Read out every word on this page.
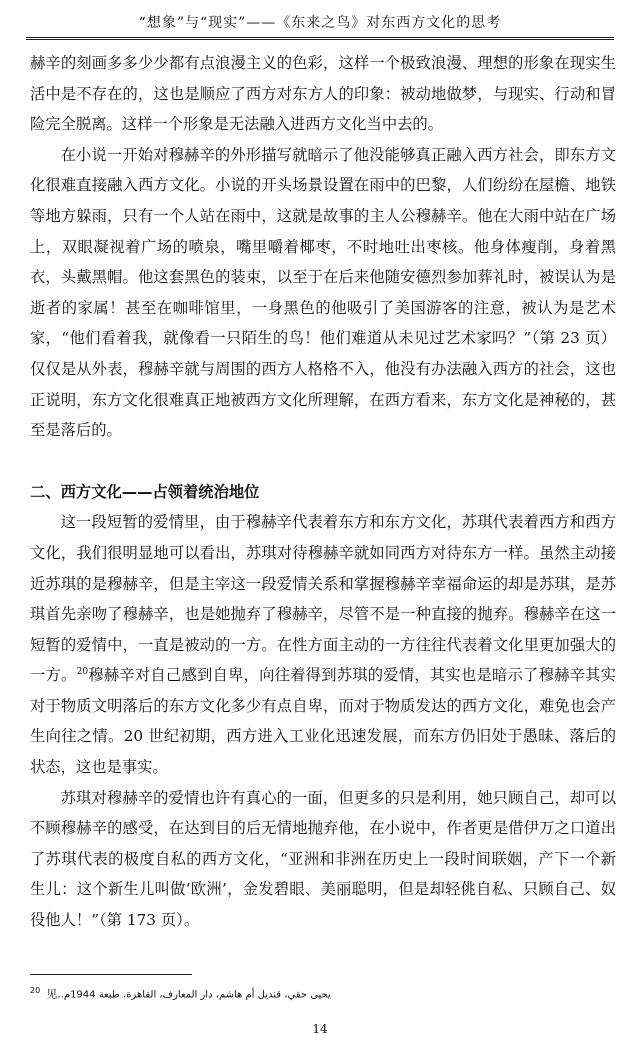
“想象”与“现实”——《东来之鸟》对东西方文化的思考

赫辛的刻画多多少少都有点浪漫主义的色彩，这样一个极致浪漫、理想的形象在现实生活中是不存在的，这也是顺应了西方对东方人的印象：被动地做梦，与现实、行动和冒险完全脱离。这样一个形象是无法融入进西方文化当中去的。

在小说一开始对穆赫辛的外形描写就暗示了他没能够真正融入西方社会，即东方文化很难直接融入西方文化。小说的开头场景设置在雨中的巴黎，人们纷纷在屋檐、地铁等地方躲雨，只有一个人站在雨中，这就是故事的主人公穆赫辛。他在大雨中站在广场上，双眼凝视着广场的喷泉，嘴里嚼着椰枣，不时地吐出枣核。他身体瘦削，身着黑衣，头戴黑帽。他这套黑色的装束，以至于在后来他随安德烈参加葬礼时，被误认为是逝者的家属！甚至在咖啡馆里，一身黑色的他吸引了美国游客的注意，被认为是艺术家，“他们看着我，就像看一只陌生的鸟！他们难道从未见过艺术家吗？”（第 23 页）仅仅是从外表，穆赫辛就与周围的西方人格格不入，他没有办法融入西方的社会，这也正说明，东方文化很难真正地被西方文化所理解，在西方看来，东方文化是神秘的，甚至是落后的。

二、西方文化——占领着统治地位

这一段短暂的爱情里，由于穆赫辛代表着东方和东方文化，苏琪代表着西方和西方文化，我们很明显地可以看出，苏琪对待穆赫辛就如同西方对待东方一样。虽然主动接近苏琪的是穆赫辛，但是主宰这一段爱情关系和掌握穆赫辛幸福命运的却是苏琪，是苏琪首先亲吻了穆赫辛，也是她抛弃了穆赫辛，尽管不是一种直接的抛弃。穆赫辛在这一短暂的爱情中，一直是被动的一方。在性方面主动的一方往往代表着文化里更加强大的一方。$^{20}$穆赫辛对自己感到自卑，向往着得到苏琪的爱情，其实也是暗示了穆赫辛其实对于物质文明落后的东方文化多少有点自卑，而对于物质发达的西方文化，难免也会产生向往之情。20 世纪初期，西方进入工业化迅速发展，而东方仍旧处于愚昧、落后的状态，这也是事实。

苏琪对穆赫辛的爱情也许有真心的一面，但更多的只是利用，她只顾自己，却可以不顾穆赫辛的感受，在达到目的后无情地抛弃他，在小说中，作者更是借伊万之口道出了苏琪代表的极度自私的西方文化，“亚洲和非洲在历史上一段时间联姻，产下一个新生儿：这个新生儿叫做‘欧洲’，金发碧眼、美丽聪明，但是却轻佻自私、只顾自己、奴役他人！”（第 173 页）。

$^{20}$ 见.يحيى حقي، قنديل أم هاشم، دار المعارف، القاهرة، طبعة 1944م.
14
